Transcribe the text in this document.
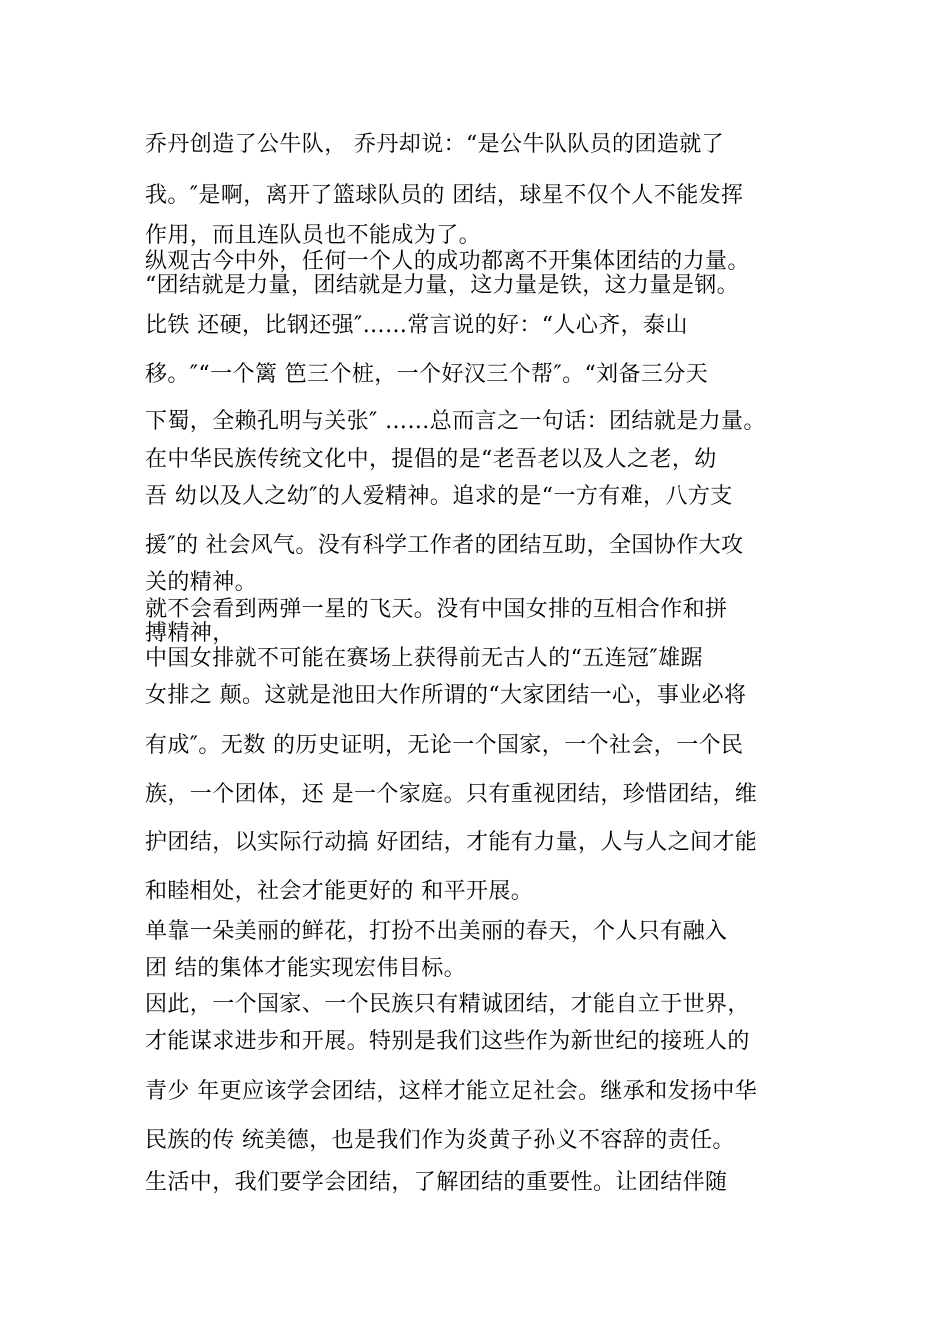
乔丹创造了公牛队， 乔丹却说：“是公牛队队员的团造就了
我。″是啊，离开了篮球队员的 团结，球星不仅个人不能发挥
作用，而且连队员也不能成为了。
纵观古今中外，任何一个人的成功都离不开集体团结的力量。
“团结就是力量，团结就是力量，这力量是铁，这力量是钢。
比铁 还硬，比钢还强″……常言说的好：“人心齐，泰山
移。″“一个篱 笆三个桩，一个好汉三个帮″。“刘备三分天
下蜀，全赖孔明与关张″ ……总而言之一句话：团结就是力量。
在中华民族传统文化中，提倡的是“老吾老以及人之老，幼
吾 幼以及人之幼″的人爱精神。追求的是“一方有难，八方支
援″的 社会风气。没有科学工作者的团结互助，全国协作大攻
关的精神。
就不会看到两弹一星的飞天。没有中国女排的互相合作和拼
搏精神，
中国女排就不可能在赛场上获得前无古人的“五连冠″雄踞
女排之 颠。这就是池田大作所谓的“大家团结一心，事业必将
有成″。无数 的历史证明，无论一个国家，一个社会，一个民
族，一个团体，还 是一个家庭。只有重视团结，珍惜团结，维
护团结，以实际行动搞 好团结，才能有力量，人与人之间才能
和睦相处，社会才能更好的 和平开展。
单靠一朵美丽的鲜花，打扮不出美丽的春天，个人只有融入
团 结的集体才能实现宏伟目标。
因此，一个国家、一个民族只有精诚团结，才能自立于世界，
才能谋求进步和开展。特别是我们这些作为新世纪的接班人的
青少 年更应该学会团结，这样才能立足社会。继承和发扬中华
民族的传 统美德，也是我们作为炎黄子孙义不容辞的责任。
生活中，我们要学会团结，了解团结的重要性。让团结伴随
